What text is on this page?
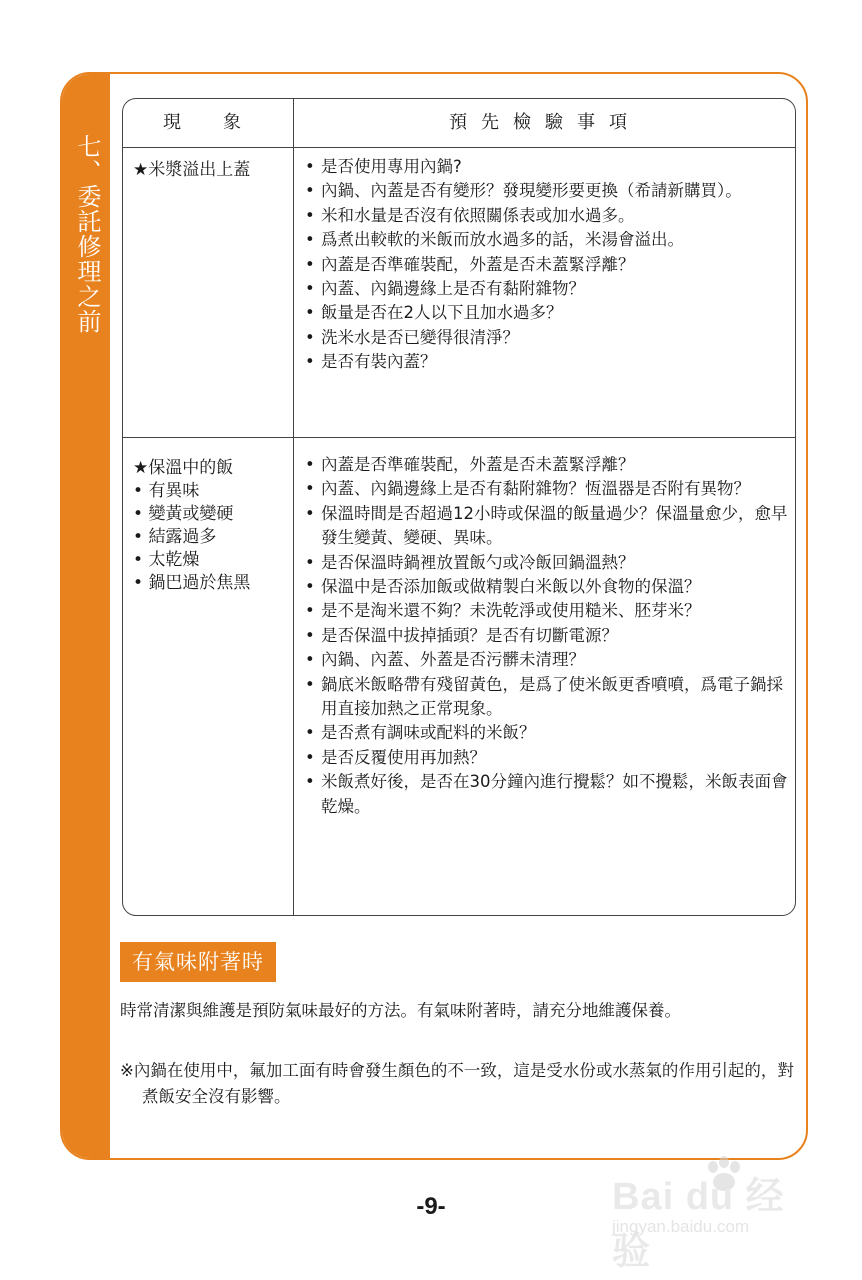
七、委託修理之前
現　象	預先檢驗事項
★ 米漿溢出上蓋
•	是否使用專用內鍋?
• 內鍋、內蓋是否有變形？發現變形要更換（希請新購買）。
• 米和水量是否沒有依照關係表或加水過多。
• 爲煮出較軟的米飯而放水過多的話，米湯會溢出。
• 內蓋是否準確裝配，外蓋是否未蓋緊浮離？
• 內蓋、內鍋邊緣上是否有黏附雜物？
• 飯量是否在2人以下且加水過多？
• 洗米水是否已變得很清淨？
• 是否有裝內蓋？
★ 保溫中的飯
• 有異味
• 變黃或變硬
• 結露過多
• 太乾燥
• 鍋巴過於焦黑
• 內蓋是否準確裝配，外蓋是否未蓋緊浮離？
• 內蓋、內鍋邊緣上是否有黏附雜物？恆溫器是否附有異物？
• 保溫時間是否超過12小時或保溫的飯量過少？保溫量愈少，愈早發生變黃、變硬、異味。
• 是否保溫時鍋裡放置飯勺或冷飯回鍋溫熱？
• 保溫中是否添加飯或做精製白米飯以外食物的保溫？
• 是不是淘米還不夠？未洗乾淨或使用糙米、胚芽米？
• 是否保溫中拔掉插頭？是否有切斷電源？
• 內鍋、內蓋、外蓋是否污髒未清理？
• 鍋底米飯略帶有殘留黃色，是爲了使米飯更香噴噴，爲電子鍋採用直接加熱之正常現象。
• 是否煮有調味或配料的米飯？
• 是否反覆使用再加熱？
• 米飯煮好後，是否在30分鐘內進行攪鬆？如不攪鬆，米飯表面會乾燥。
有氣味附著時
時常清潔與維護是預防氣味最好的方法。有氣味附著時，請充分地維護保養。
※內鍋在使用中，氟加工面有時會發生顏色的不一致，這是受水份或水蒸氣的作用引起的，對煮飯安全沒有影響。
-9-	Bai du 经验
jingyan.baidu.com
